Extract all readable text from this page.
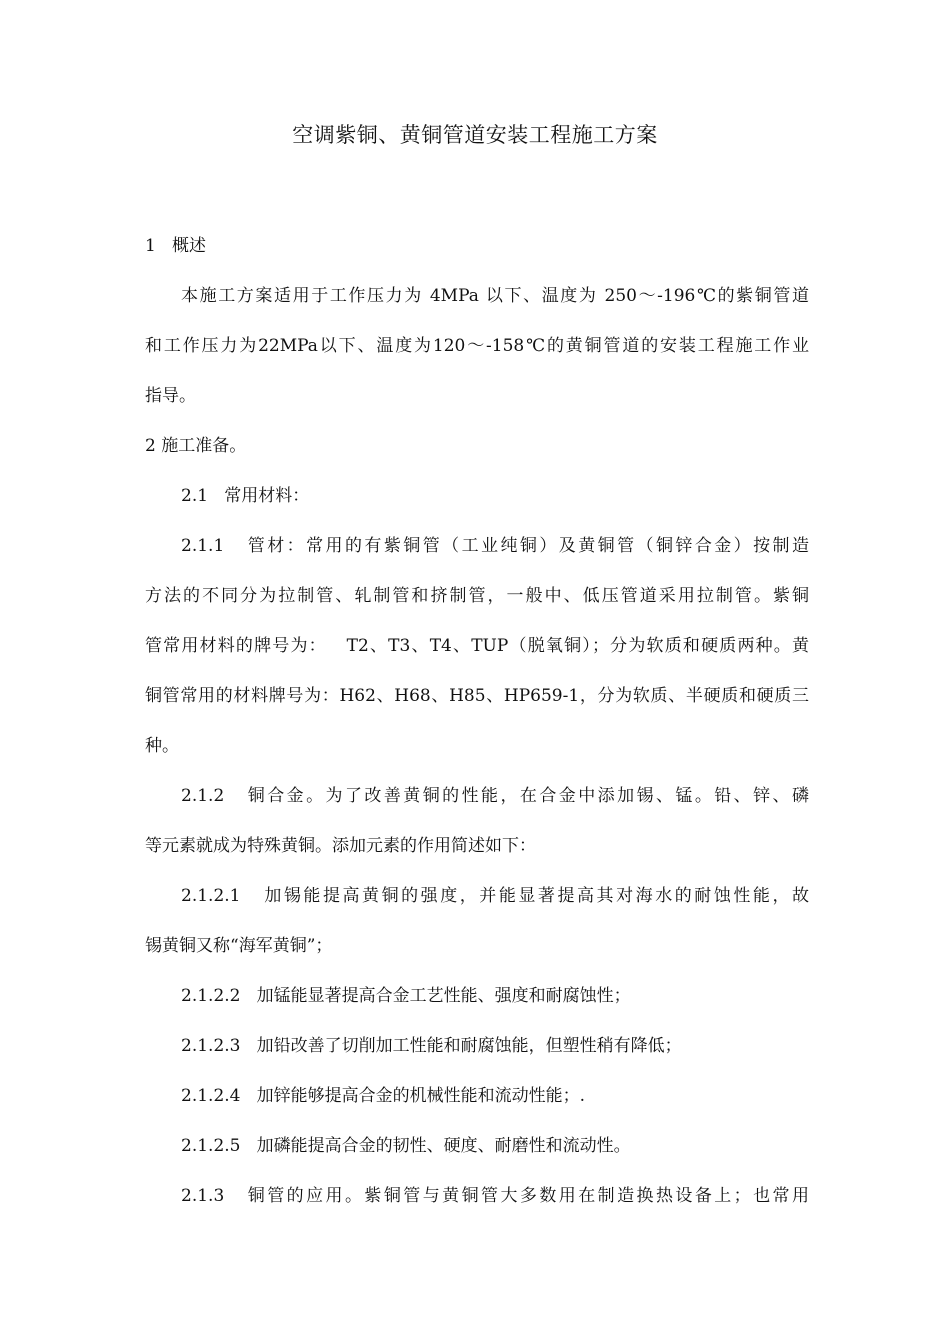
空调紫铜、黄铜管道安装工程施工方案
1   概述
本施工方案适用于工作压力为 4MPa 以下、温度为 250～-196℃的紫铜管道
和工作压力为22MPa以下、温度为120～-158℃的黄铜管道的安装工程施工作业
指导。
2 施工准备。
2.1   常用材料：
2.1.1   管材：常用的有紫铜管（工业纯铜）及黄铜管（铜锌合金）按制造
方法的不同分为拉制管、轧制管和挤制管，一般中、低压管道采用拉制管。紫铜
管常用材料的牌号为：   T2、T3、T4、TUP（脱氧铜）；分为软质和硬质两种。黄
铜管常用的材料牌号为：H62、H68、H85、HP659-1，分为软质、半硬质和硬质三
种。
2.1.2   铜合金。为了改善黄铜的性能，在合金中添加锡、锰。铅、锌、磷
等元素就成为特殊黄铜。添加元素的作用简述如下：
2.1.2.1   加锡能提高黄铜的强度，并能显著提高其对海水的耐蚀性能，故
锡黄铜又称“海军黄铜”；
2.1.2.2   加锰能显著提高合金工艺性能、强度和耐腐蚀性；
2.1.2.3   加铅改善了切削加工性能和耐腐蚀能，但塑性稍有降低；
2.1.2.4   加锌能够提高合金的机械性能和流动性能；.
2.1.2.5   加磷能提高合金的韧性、硬度、耐磨性和流动性。
2.1.3   铜管的应用。紫铜管与黄铜管大多数用在制造换热设备上；也常用
